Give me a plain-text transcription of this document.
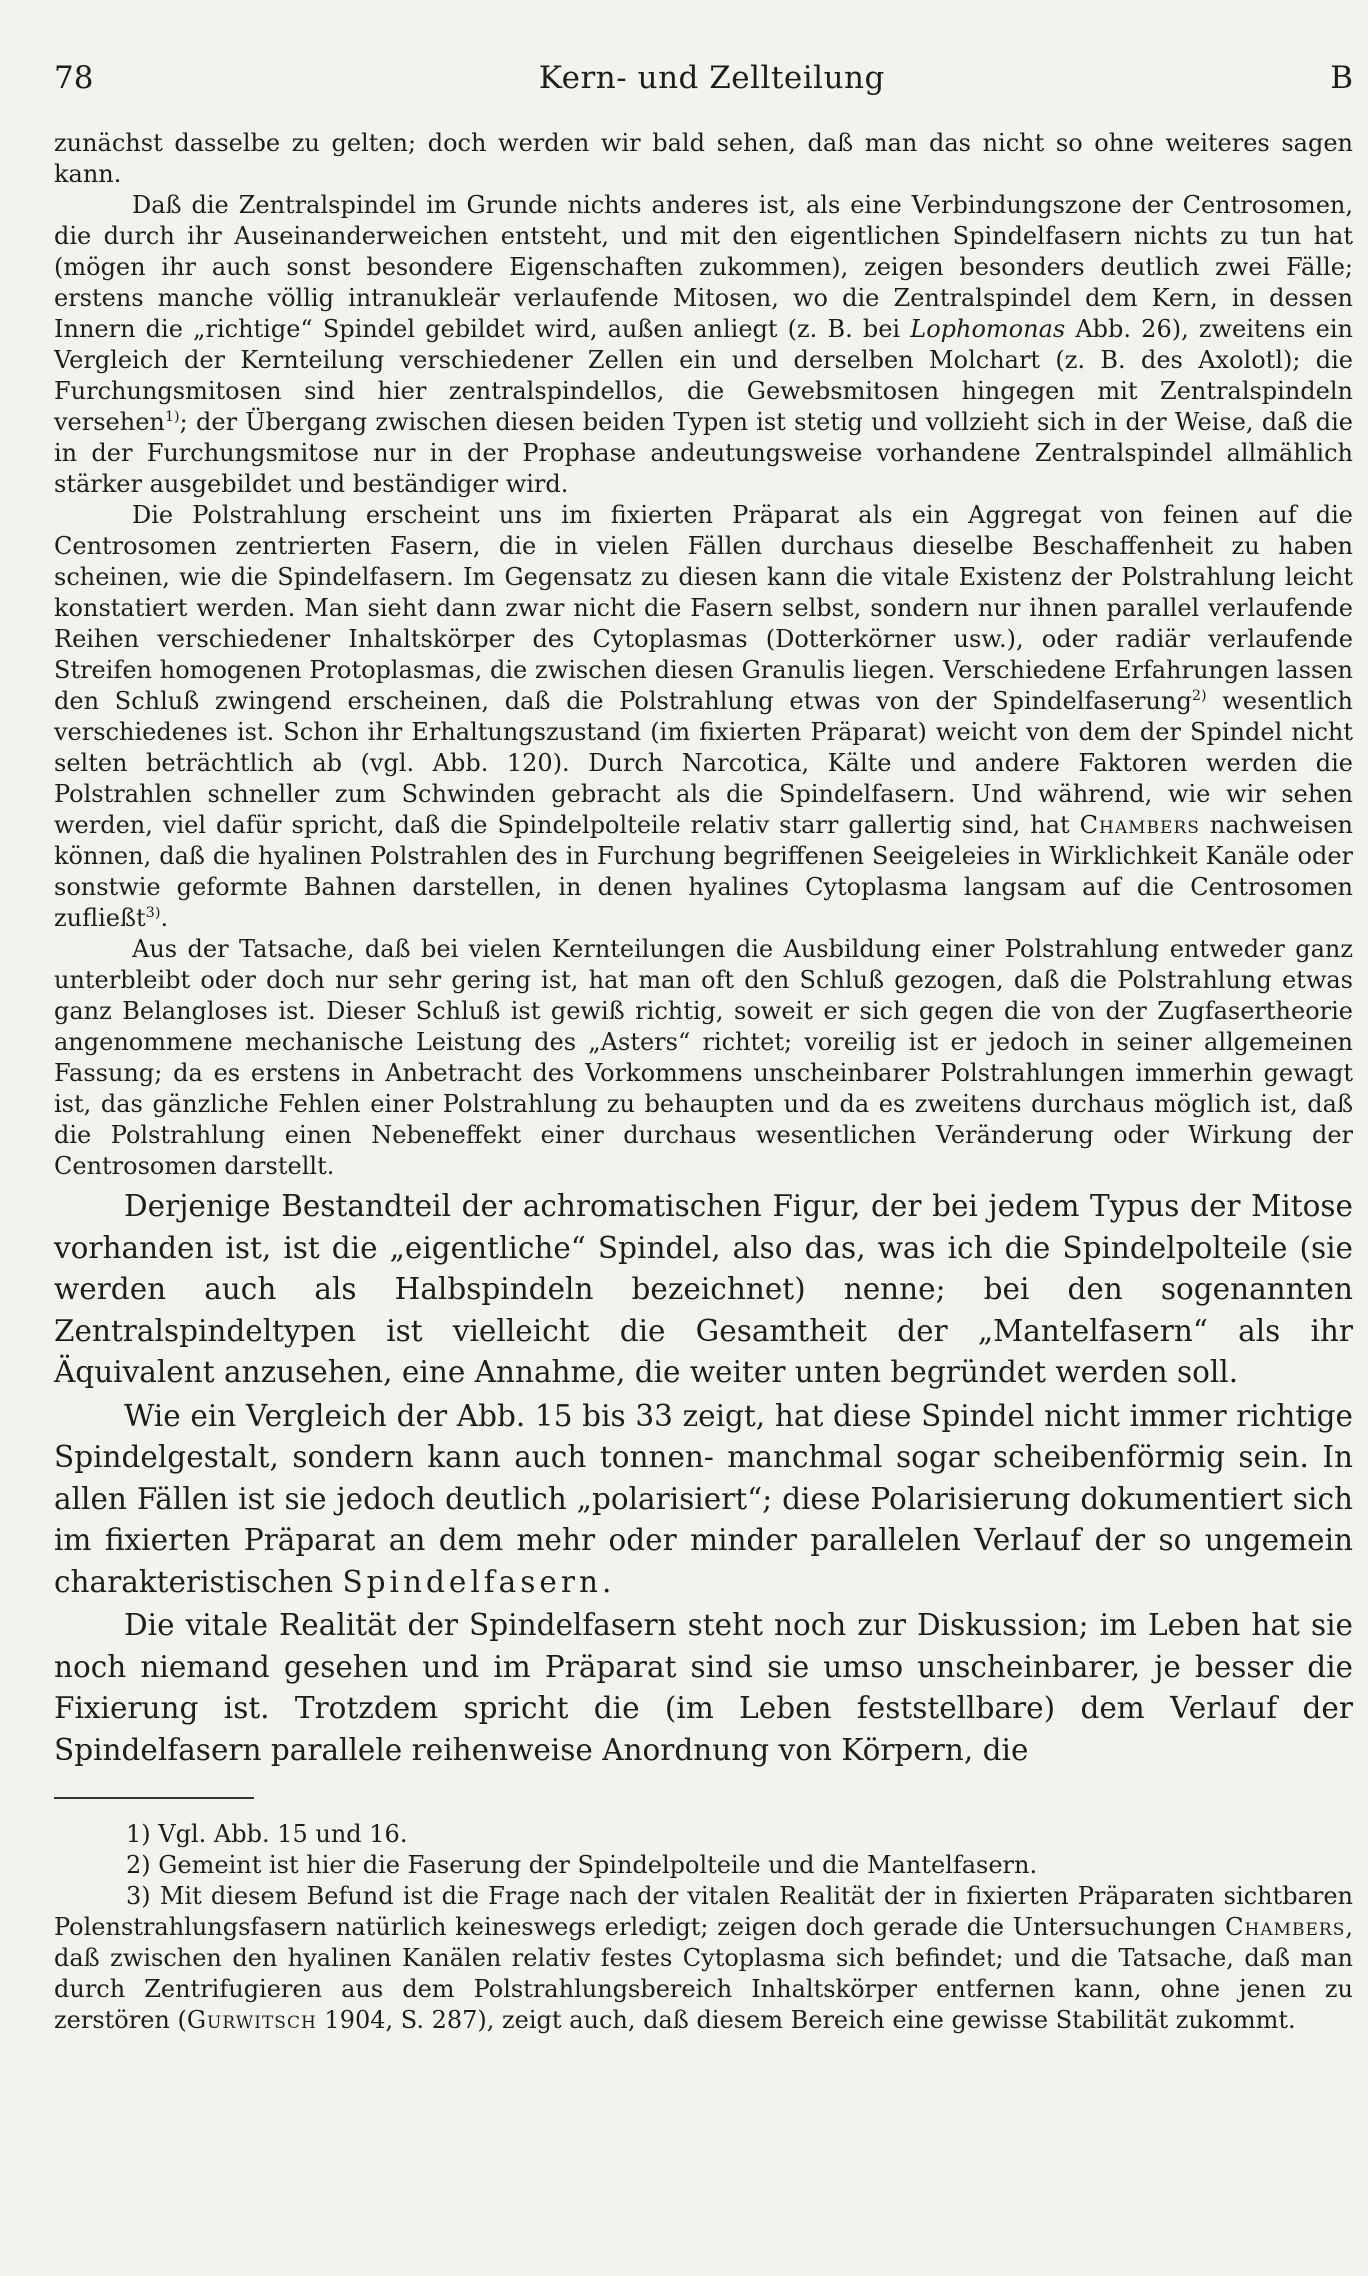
78	Kern- und Zellteilung	B

zunächst dasselbe zu gelten; doch werden wir bald sehen, daß man das nicht so ohne weiteres sagen kann.

Daß die Zentralspindel im Grunde nichts anderes ist, als eine Verbindungszone der Centrosomen, die durch ihr Auseinanderweichen entsteht, und mit den eigentlichen Spindelfasern nichts zu tun hat (mögen ihr auch sonst besondere Eigenschaften zukommen), zeigen besonders deutlich zwei Fälle; erstens manche völlig intranukleär verlaufende Mitosen, wo die Zentralspindel dem Kern, in dessen Innern die „richtige“ Spindel gebildet wird, außen anliegt (z. B. bei Lophomonas Abb. 26), zweitens ein Vergleich der Kernteilung verschiedener Zellen ein und derselben Molchart (z. B. des Axolotl); die Furchungsmitosen sind hier zentralspindellos, die Gewebsmitosen hingegen mit Zentralspindeln versehen$^{1)}$; der Übergang zwischen diesen beiden Typen ist stetig und vollzieht sich in der Weise, daß die in der Furchungsmitose nur in der Prophase andeutungsweise vorhandene Zentralspindel allmählich stärker ausgebildet und beständiger wird.

Die Polstrahlung erscheint uns im fixierten Präparat als ein Aggregat von feinen auf die Centrosomen zentrierten Fasern, die in vielen Fällen durchaus dieselbe Beschaffenheit zu haben scheinen, wie die Spindelfasern. Im Gegensatz zu diesen kann die vitale Existenz der Polstrahlung leicht konstatiert werden. Man sieht dann zwar nicht die Fasern selbst, sondern nur ihnen parallel verlaufende Reihen verschiedener Inhaltskörper des Cytoplasmas (Dotterkörner usw.), oder radiär verlaufende Streifen homogenen Protoplasmas, die zwischen diesen Granulis liegen. Verschiedene Erfahrungen lassen den Schluß zwingend erscheinen, daß die Polstrahlung etwas von der Spindelfaserung$^{2)}$ wesentlich verschiedenes ist. Schon ihr Erhaltungszustand (im fixierten Präparat) weicht von dem der Spindel nicht selten beträchtlich ab (vgl. Abb. 120). Durch Narcotica, Kälte und andere Faktoren werden die Polstrahlen schneller zum Schwinden gebracht als die Spindelfasern. Und während, wie wir sehen werden, viel dafür spricht, daß die Spindelpolteile relativ starr gallertig sind, hat Chambers nachweisen können, daß die hyalinen Polstrahlen des in Furchung begriffenen Seeigeleies in Wirklichkeit Kanäle oder sonstwie geformte Bahnen darstellen, in denen hyalines Cytoplasma langsam auf die Centrosomen zufließt$^{3)}$.

Aus der Tatsache, daß bei vielen Kernteilungen die Ausbildung einer Polstrahlung entweder ganz unterbleibt oder doch nur sehr gering ist, hat man oft den Schluß gezogen, daß die Polstrahlung etwas ganz Belangloses ist. Dieser Schluß ist gewiß richtig, soweit er sich gegen die von der Zugfasertheorie angenommene mechanische Leistung des „Asters“ richtet; voreilig ist er jedoch in seiner allgemeinen Fassung; da es erstens in Anbetracht des Vorkommens unscheinbarer Polstrahlungen immerhin gewagt ist, das gänzliche Fehlen einer Polstrahlung zu behaupten und da es zweitens durchaus möglich ist, daß die Polstrahlung einen Nebeneffekt einer durchaus wesentlichen Veränderung oder Wirkung der Centrosomen darstellt.

Derjenige Bestandteil der achromatischen Figur, der bei jedem Typus der Mitose vorhanden ist, ist die „eigentliche“ Spindel, also das, was ich die Spindelpolteile (sie werden auch als Halbspindeln bezeichnet) nenne; bei den sogenannten Zentralspindeltypen ist vielleicht die Gesamtheit der „Mantelfasern“ als ihr Äquivalent anzusehen, eine Annahme, die weiter unten begründet werden soll.

Wie ein Vergleich der Abb. 15 bis 33 zeigt, hat diese Spindel nicht immer richtige Spindelgestalt, sondern kann auch tonnen- manchmal sogar scheibenförmig sein. In allen Fällen ist sie jedoch deutlich „polarisiert“; diese Polarisierung dokumentiert sich im fixierten Präparat an dem mehr oder minder parallelen Verlauf der so ungemein charakteristischen Spindelfasern.

Die vitale Realität der Spindelfasern steht noch zur Diskussion; im Leben hat sie noch niemand gesehen und im Präparat sind sie umso unscheinbarer, je besser die Fixierung ist. Trotzdem spricht die (im Leben feststellbare) dem Verlauf der Spindelfasern parallele reihenweise Anordnung von Körpern, die

1) Vgl. Abb. 15 und 16.

2) Gemeint ist hier die Faserung der Spindelpolteile und die Mantelfasern.

3) Mit diesem Befund ist die Frage nach der vitalen Realität der in fixierten Präparaten sichtbaren Polenstrahlungsfasern natürlich keineswegs erledigt; zeigen doch gerade die Untersuchungen Chambers, daß zwischen den hyalinen Kanälen relativ festes Cytoplasma sich befindet; und die Tatsache, daß man durch Zentrifugieren aus dem Polstrahlungsbereich Inhaltskörper entfernen kann, ohne jenen zu zerstören (Gurwitsch 1904, S. 287), zeigt auch, daß diesem Bereich eine gewisse Stabilität zukommt.
